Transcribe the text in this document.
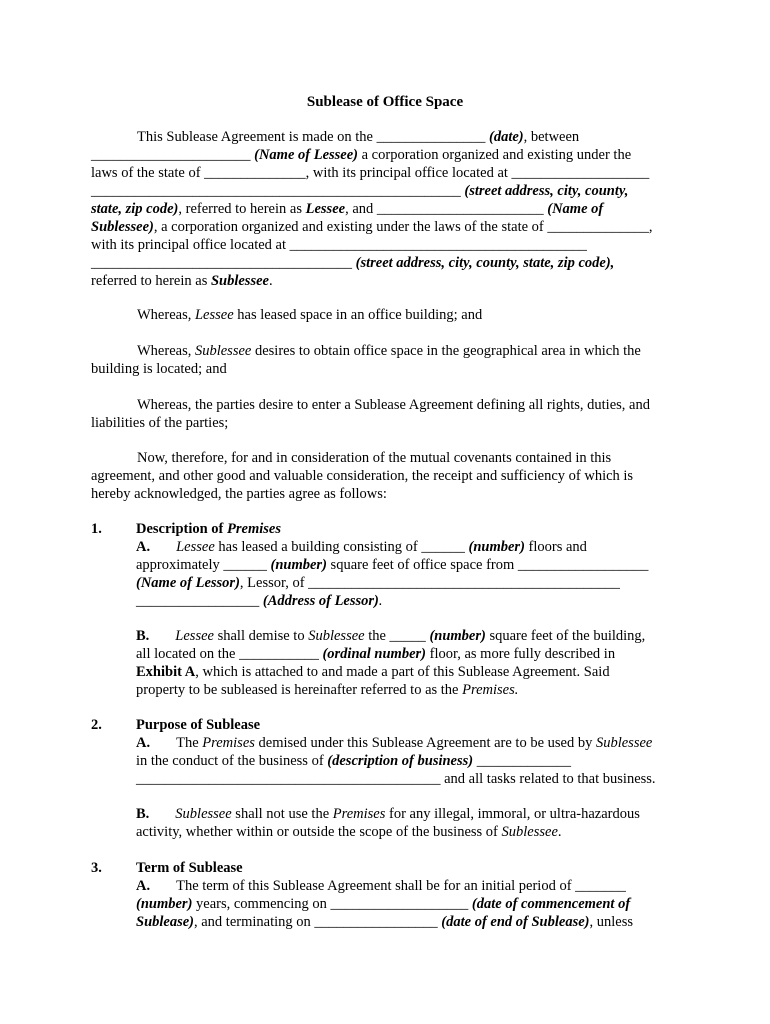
Sublease of Office Space
This Sublease Agreement is made on the _______________ (date), between
______________________ (Name of Lessee) a corporation organized and existing under the
laws of the state of ______________, with its principal office located at ___________________
___________________________________________________ (street address, city, county,
state, zip code), referred to herein as Lessee, and _______________________ (Name of
Sublessee), a corporation organized and existing under the laws of the state of ______________,
with its principal office located at _________________________________________
____________________________________ (street address, city, county, state, zip code),
referred to herein as Sublessee.
Whereas, Lessee has leased space in an office building; and
Whereas, Sublessee desires to obtain office space in the geographical area in which the
building is located; and
Whereas, the parties desire to enter a Sublease Agreement defining all rights, duties, and
liabilities of the parties;
Now, therefore, for and in consideration of the mutual covenants contained in this
agreement, and other good and valuable consideration, the receipt and sufficiency of which is
hereby acknowledged, the parties agree as follows:
1. Description of Premises
A. Lessee has leased a building consisting of ______ (number) floors and
approximately ______ (number) square feet of office space from __________________
(Name of Lessor), Lessor, of ___________________________________________
_________________ (Address of Lessor).
B. Lessee shall demise to Sublessee the _____ (number) square feet of the building,
all located on the ___________ (ordinal number) floor, as more fully described in
Exhibit A, which is attached to and made a part of this Sublease Agreement. Said
property to be subleased is hereinafter referred to as the Premises.
2. Purpose of Sublease
A. The Premises demised under this Sublease Agreement are to be used by Sublessee
in the conduct of the business of (description of business) _____________
__________________________________________ and all tasks related to that business.
B. Sublessee shall not use the Premises for any illegal, immoral, or ultra-hazardous
activity, whether within or outside the scope of the business of Sublessee.
3. Term of Sublease
A. The term of this Sublease Agreement shall be for an initial period of _______
(number) years, commencing on ___________________ (date of commencement of
Sublease), and terminating on _________________ (date of end of Sublease), unless
